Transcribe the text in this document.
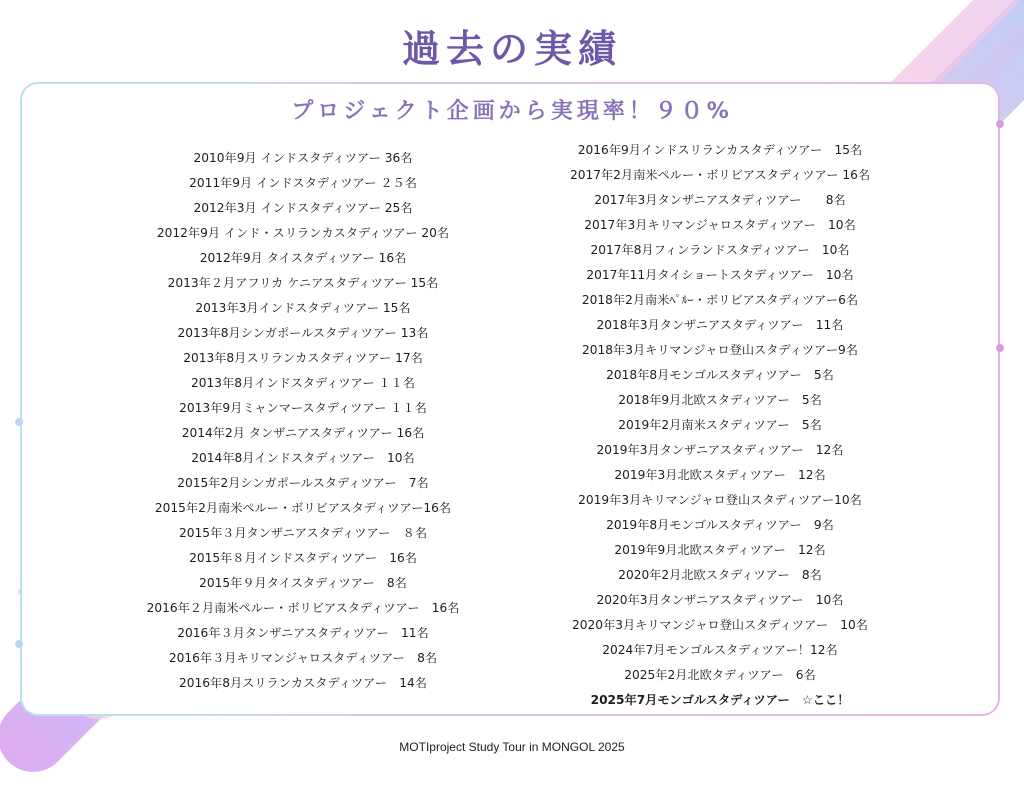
過去の実績
プロジェクト企画から実現率！９０%
2010年9月 インドスタディツアー 36名
2011年9月 インドスタディツアー ２５名
2012年3月 インドスタディツアー 25名
2012年9月 インド・スリランカスタディツアー 20名
2012年9月 タイスタディツアー 16名
2013年２月アフリカ ケニアスタディツアー 15名
2013年3月インドスタディツアー 15名
2013年8月シンガポールスタディツアー 13名
2013年8月スリランカスタディツアー 17名
2013年8月インドスタディツアー １１名
2013年9月ミャンマースタディツアー １１名
2014年2月 タンザニアスタディツアー 16名
2014年8月インドスタディツアー　10名
2015年2月シンガポールスタディツアー　7名
2015年2月南米ペルー・ボリビアスタディツアー16名
2015年３月タンザニアスタディツアー　８名
2015年８月インドスタディツアー　16名
2015年９月タイスタディツアー　8名
2016年２月南米ペルー・ボリビアスタディツアー　16名
2016年３月タンザニアスタディツアー　11名
2016年３月キリマンジャロスタディツアー　8名
2016年8月スリランカスタディツアー　14名
2016年9月インドスリランカスタディツアー　15名
2017年2月南米ペルー・ボリビアスタディツアー 16名
2017年3月タンザニアスタディツアー　　8名
2017年3月キリマンジャロスタディツアー　10名
2017年8月フィンランドスタディツアー　10名
2017年11月タイショートスタディツアー　10名
2018年2月南米ﾍﾟﾙｰ・ボリビアスタディツアー6名
2018年3月タンザニアスタディツアー　11名
2018年3月キリマンジャロ登山スタディツアー9名
2018年8月モンゴルスタディツアー　5名
2018年9月北欧スタディツアー　5名
2019年2月南米スタディツアー　5名
2019年3月タンザニアスタディツアー　12名
2019年3月北欧スタディツアー　12名
2019年3月キリマンジャロ登山スタディツアー10名
2019年8月モンゴルスタディツアー　9名
2019年9月北欧スタディツアー　12名
2020年2月北欧スタディツアー　8名
2020年3月タンザニアスタディツアー　10名
2020年3月キリマンジャロ登山スタディツアー　10名
2024年7月モンゴルスタディツアー！12名
2025年2月北欧タディツアー　6名
2025年7月モンゴルスタディツアー　☆ここ！
MOTIproject Study Tour in MONGOL 2025
